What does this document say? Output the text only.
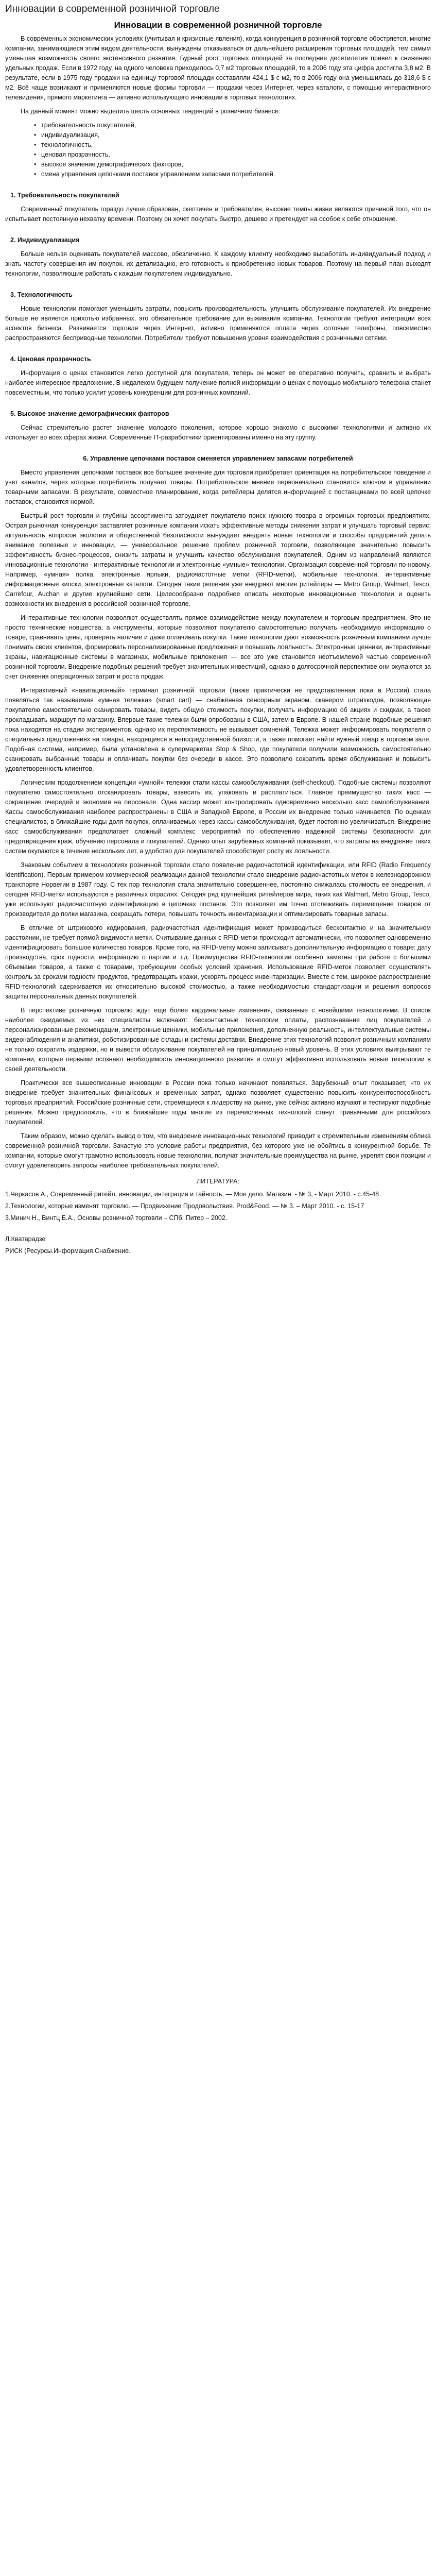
Инновации в современной розничной торговле
Инновации в современной розничной торговле

В современных экономических условиях (учитывая и кризисные явления), когда конкуренция в розничной торговле обостряется, многие компании, занимающиеся этим видом деятельности, вынуждены отказываться от дальнейшего расширения торговых площадей, тем самым уменьшая возможность своего экстенсивного развития. Бурный рост торговых площадей за последние десятилетия привел к снижению удельных продаж. Если в 1972 году, на одного человека приходилось 0,7 м2 торговых площадей, то в 2006 году эта цифра достигла 3,8 м2. В результате, если в 1975 году продажи на единицу торговой площади составляли 424,1 $ с м2, то в 2006 году она уменьшилась до 318,6 $ с м2. Всё чаще возникают и применяются новые формы торговли — продажи через Интернет, через каталоги, с помощью интерактивного телевидения, прямого маркетинга — активно использующего инновации в торговых технологиях.

На данный момент можно выделить шесть основных тенденций в розничном бизнесе:

• требовательность покупателей,
• индивидуализация,
• технологичность,
• ценовая прозрачность,
• высокое значение демографических факторов,
• смена управления цепочками поставок управлением запасами потребителей.
1. Требовательность покупателей

Современный покупатель гораздо лучше образован, скептичен и требователен, высокие темпы жизни являются причиной того, что он испытывает постоянную нехватку времени. Поэтому он хочет покупать быстро, дешево и претендует на особое к себе отношение.

2. Индивидуализация

Больше нельзя оценивать покупателей массово, обезличенно. К каждому клиенту необходимо выработать индивидуальный подход и знать частоту совершения им покупок, их детализацию, его готовность к приобретению новых товаров. Поэтому на первый план выходят технологии, позволяющие работать с каждым покупателем индивидуально.

3. Технологичность

Новые технологии помогают уменьшить затраты, повысить производительность, улучшить обслуживание покупателей. Их внедрение больше не является прихотью избранных, это обязательное требование для выживания компании. Технологии требуют интеграции всех аспектов бизнеса. Развивается торговля через Интернет, активно применяются оплата через сотовые телефоны, повсеместно распространяются бесприводные технологии. Потребители требуют повышения уровня взаимодействия с розничными сетями.

4. Ценовая прозрачность

Информация о ценах становится легко доступной для покупателя, теперь он может ее оперативно получить, сравнить и выбрать наиболее интересное предложение. В недалеком будущем получение полной информации о ценах с помощью мобильного телефона станет повсеместным, что только усилит уровень конкуренции для розничных компаний.

5. Высокое значение демографических факторов

Сейчас стремительно растет значение молодого поколения, которое хорошо знакомо с высокими технологиями и активно их использует во всех сферах жизни. Современные IT-разработчики ориентированы именно на эту группу.

6. Управление цепочками поставок сменяется управлением запасами потребителей

Вместо управления цепочками поставок все большее значение для торговли приобретает ориентация на потребительское поведение и учет каналов, через которые потребитель получает товары. Потребительское мнение первоначально становится ключом в управлении товарными запасами. В результате, совместное планирование, когда ритейлеры делятся информацией с поставщиками по всей цепочке поставок, становится нормой.

Быстрый рост торговли и глубины ассортимента затрудняет покупателю поиск нужного товара в огромных торговых предприятиях. Острая рыночная конкуренция заставляет розничные компании искать эффективные методы снижения затрат и улучшать торговый сервис; актуальность вопросов экологии и общественной безопасности вынуждает внедрять новые технологии и способы предприятий делать внимание полезные и инновации, — универсальное решение проблем розничной торговли, позволяющее значительно повысить эффективность бизнес-процессов, снизить затраты и улучшить качество обслуживания покупателей. Одним из направлений являются инновационные технологии - интерактивные технологии и электронные «умные» технологии. Организация современной торговли по-новому. Например, «умная» полка, электронные ярлыки, радиочастотные метки (RFID-метки), мобильные технологии, интерактивные информационные киоски, электронные каталоги. Сегодня такие решения уже внедряют многие ритейлеры — Metro Group, Walmart, Tesco, Carrefour, Auchan и другие крупнейшие сети. Целесообразно подробнее описать некоторые инновационные технологии и оценить возможности их внедрения в российской розничной торговле.

Интерактивные технологии позволяют осуществлять прямое взаимодействие между покупателем и торговым предприятием. Это не просто технические новшества, а инструменты, которые позволяют покупателю самостоятельно получать необходимую информацию о товаре, сравнивать цены, проверять наличие и даже оплачивать покупки. Такие технологии дают возможность розничным компаниям лучше понимать своих клиентов, формировать персонализированные предложения и повышать лояльность. Электронные ценники, интерактивные экраны, навигационные системы в магазинах, мобильные приложения — все это уже становится неотъемлемой частью современной розничной торговли. Внедрение подобных решений требует значительных инвестиций, однако в долгосрочной перспективе они окупаются за счет снижения операционных затрат и роста продаж.

Интерактивный «навигационный» терминал розничной торговли (также практически не представленная пока в России) стала появляться так называемая «умная тележка» (smart cart) — снабжённая сенсорным экраном, сканером штрихкодов, позволяющая покупателю самостоятельно сканировать товары, видеть общую стоимость покупки, получать информацию об акциях и скидках, а также прокладывать маршрут по магазину. Впервые такие тележки были опробованы в США, затем в Европе. В нашей стране подобные решения пока находятся на стадии экспериментов, однако их перспективность не вызывает сомнений. Тележка может информировать покупателя о специальных предложениях на товары, находящиеся в непосредственной близости, а также помогает найти нужный товар в торговом зале. Подобная система, например, была установлена в супермаркетах Stop & Shop, где покупатели получили возможность самостоятельно сканировать выбранные товары и оплачивать покупки без очереди в кассе. Это позволило сократить время обслуживания и повысить удовлетворенность клиентов.

Логическим продолжением концепции «умной» тележки стали кассы самообслуживания (self-checkout). Подобные системы позволяют покупателю самостоятельно отсканировать товары, взвесить их, упаковать и расплатиться. Главное преимущество таких касс — сокращение очередей и экономия на персонале. Одна кассир может контролировать одновременно несколько касс самообслуживания. Кассы самообслуживания наиболее распространены в США и Западной Европе, в России их внедрение только начинается. По оценкам специалистов, в ближайшие годы доля покупок, оплачиваемых через кассы самообслуживания, будет постоянно увеличиваться. Внедрение касс самообслуживания предполагает сложный комплекс мероприятий по обеспечению надежной системы безопасности для предотвращения краж, обучению персонала и покупателей. Однако опыт зарубежных компаний показывает, что затраты на внедрение таких систем окупаются в течение нескольких лет, а удобство для покупателей способствует росту их лояльности.

Знаковым событием в технологиях розничной торговли стало появление радиочастотной идентификации, или RFID (Radio Frequency Identification). Первым примером коммерческой реализации данной технологии стало внедрение радиочастотных меток в железнодорожном транспорте Норвегии в 1987 году. С тех пор технология стала значительно совершеннее, постоянно снижалась стоимость ее внедрения, и сегодня RFID-метки используются в различных отраслях. Сегодня ряд крупнейших ритейлеров мира, таких как Walmart, Metro Group, Tesco, уже используют радиочастотную идентификацию в цепочках поставок. Это позволяет им точно отслеживать перемещение товаров от производителя до полки магазина, сокращать потери, повышать точность инвентаризации и оптимизировать товарные запасы.

В отличие от штрихового кодирования, радиочастотная идентификация может производиться бесконтактно и на значительном расстоянии, не требует прямой видимости метки. Считывание данных с RFID-метки происходит автоматически, что позволяет одновременно идентифицировать большое количество товаров. Кроме того, на RFID-метку можно записывать дополнительную информацию о товаре: дату производства, срок годности, информацию о партии и т.д. Преимущества RFID-технологии особенно заметны при работе с большими объемами товаров, а также с товарами, требующими особых условий хранения. Использование RFID-меток позволяет осуществлять контроль за сроками годности продуктов, предотвращать кражи, ускорять процесс инвентаризации. Вместе с тем, широкое распространение RFID-технологий сдерживается их относительно высокой стоимостью, а также необходимостью стандартизации и решения вопросов защиты персональных данных покупателей.

В перспективе розничную торговлю ждут еще более кардинальные изменения, связанные с новейшими технологиями. В список наиболее ожидаемых из них специалисты включают: бесконтактные технологии оплаты, распознавание лиц покупателей и персонализированные рекомендации, электронные ценники, мобильные приложения, дополненную реальность, интеллектуальные системы видеонаблюдения и аналитики, роботизированные склады и системы доставки. Внедрение этих технологий позволит розничным компаниям не только сократить издержки, но и вывести обслуживание покупателей на принципиально новый уровень. В этих условиях выигрывают те компании, которые первыми осознают необходимость инновационного развития и смогут эффективно использовать новые технологии в своей деятельности.

Практически все вышеописанные инновации в России пока только начинают появляться. Зарубежный опыт показывает, что их внедрение требует значительных финансовых и временных затрат, однако позволяет существенно повысить конкурентоспособность торговых предприятий. Российские розничные сети, стремящиеся к лидерству на рынке, уже сейчас активно изучают и тестируют подобные решения. Можно предположить, что в ближайшие годы многие из перечисленных технологий станут привычными для российских покупателей.

Таким образом, можно сделать вывод о том, что внедрение инновационных технологий приводит к стремительным изменениям облика современной розничной торговли. Зачастую это условие работы предприятия, без которого уже не обойтись в конкурентной борьбе. Те компании, которые смогут грамотно использовать новые технологии, получат значительные преимущества на рынке, укрепят свои позиции и смогут удовлетворить запросы наиболее требовательных покупателей.

ЛИТЕРАТУРА:

1.Черкасов А., Современный ритейл, инновации, интеграция и тайность. — Мое дело. Магазин. - № 3, - Март 2010. - с.45-48

2.Технологии, которые изменят торговлю. — Продвижение Продовольствия. Prod&Food. — № 3. – Март 2010. - с. 15-17

3.Минич Н., Винтц Б.А., Основы розничной торговли – СПб: Питер – 2002.

Л.Кватарадзе
РИСК (Ресурсы.Информация.Снабжение.
